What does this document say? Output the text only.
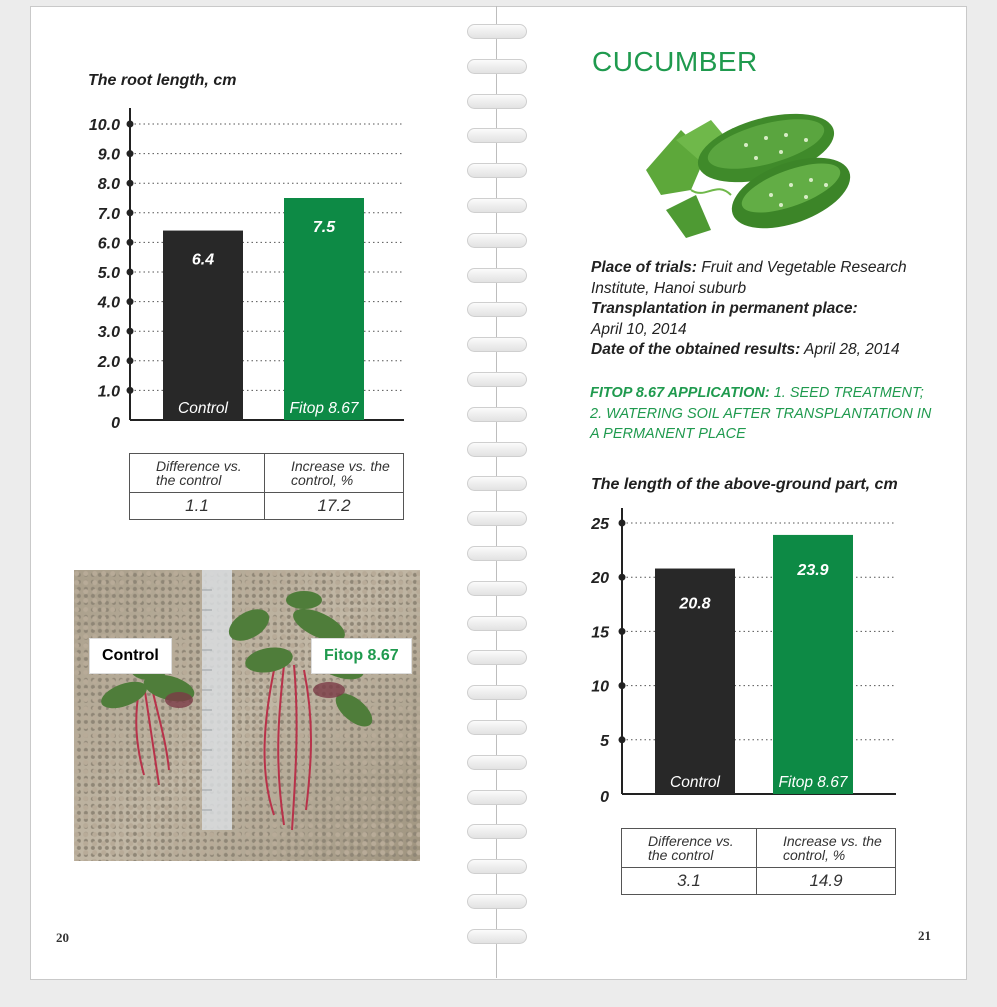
The root length, cm
0
1.0
2.0
3.0
4.0
5.0
6.0
7.0
8.0
9.0
10.0
6.4
Control
7.5
Fitop 8.67
Difference vs. the control	Increase vs. the control, %
1.1	17.2
Control	Fitop 8.67
20
CUCUMBER
Place of trials: Fruit and Vegetable Research Institute, Hanoi suburb
Transplantation in permanent place:
April 10, 2014
Date of the obtained results: April 28, 2014
FITOP 8.67 APPLICATION: 1. SEED TREATMENT; 2. WATERING SOIL AFTER TRANSPLANTATION IN A PERMANENT PLACE
The length of the above-ground part, cm
0
5
10
15
20
25
20.8
Control
23.9
Fitop 8.67
Difference vs. the control	Increase vs. the control, %
3.1	14.9
21
